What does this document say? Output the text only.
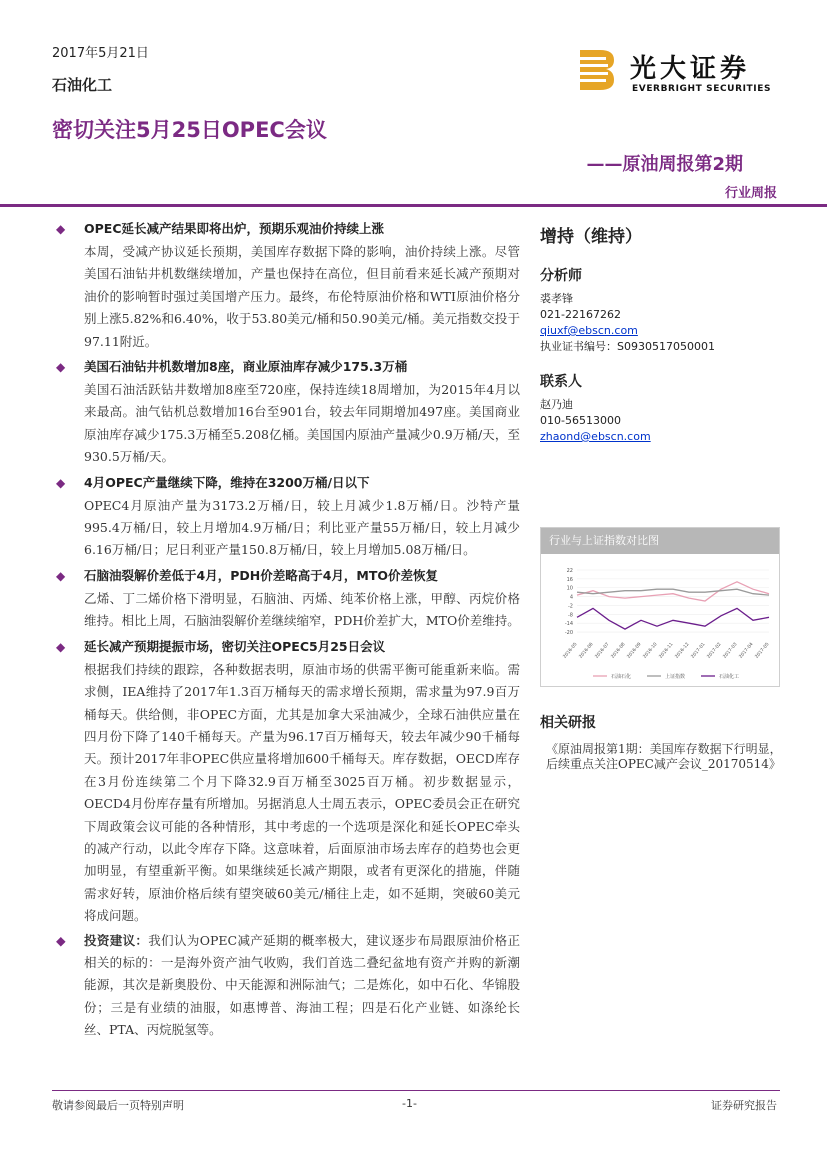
2017年5月21日
石油化工
密切关注5月25日OPEC会议
——原油周报第2期
行业周报
光大证券
EVERBRIGHT SECURITIES
◆ OPEC延长减产结果即将出炉，预期乐观油价持续上涨
本周，受减产协议延长预期，美国库存数据下降的影响，油价持续上涨。尽管美国石油钻井机数继续增加，产量也保持在高位，但目前看来延长减产预期对油价的影响暂时强过美国增产压力。最终，布伦特原油价格和WTI原油价格分别上涨5.82%和6.40%，收于53.80美元/桶和50.90美元/桶。美元指数交投于97.11附近。
◆ 美国石油钻井机数增加8座，商业原油库存减少175.3万桶
美国石油活跃钻井数增加8座至720座，保持连续18周增加，为2015年4月以来最高。油气钻机总数增加16台至901台，较去年同期增加497座。美国商业原油库存减少175.3万桶至5.208亿桶。美国国内原油产量减少0.9万桶/天，至930.5万桶/天。
◆ 4月OPEC产量继续下降，维持在3200万桶/日以下
OPEC4月原油产量为3173.2万桶/日，较上月减少1.8万桶/日。沙特产量995.4万桶/日，较上月增加4.9万桶/日；利比亚产量55万桶/日，较上月减少6.16万桶/日；尼日利亚产量150.8万桶/日，较上月增加5.08万桶/日。
◆ 石脑油裂解价差低于4月，PDH价差略高于4月，MTO价差恢复
乙烯、丁二烯价格下滑明显，石脑油、丙烯、纯苯价格上涨，甲醇、丙烷价格维持。相比上周，石脑油裂解价差继续缩窄，PDH价差扩大，MTO价差维持。
◆ 延长减产预期提振市场，密切关注OPEC5月25日会议
根据我们持续的跟踪，各种数据表明，原油市场的供需平衡可能重新来临。需求侧，IEA维持了2017年1.3百万桶每天的需求增长预期，需求量为97.9百万桶每天。供给侧，非OPEC方面，尤其是加拿大采油减少，全球石油供应量在四月份下降了140千桶每天。产量为96.17百万桶每天，较去年减少90千桶每天。预计2017年非OPEC供应量将增加600千桶每天。库存数据，OECD库存在3月份连续第二个月下降32.9百万桶至3025百万桶。初步数据显示，OECD4月份库存量有所增加。另据消息人士周五表示，OPEC委员会正在研究下周政策会议可能的各种情形，其中考虑的一个选项是深化和延长OPEC牵头的减产行动，以此令库存下降。这意味着，后面原油市场去库存的趋势也会更加明显，有望重新平衡。如果继续延长减产期限，或者有更深化的措施，伴随需求好转，原油价格后续有望突破60美元/桶往上走，如不延期，突破60美元将成问题。
◆ 投资建议：我们认为OPEC减产延期的概率极大，建议逐步布局跟原油价格正相关的标的：一是海外资产油气收购，我们首选二叠纪盆地有资产并购的新潮能源，其次是新奥股份、中天能源和洲际油气；二是炼化，如中石化、华锦股份；三是有业绩的油服，如惠博普、海油工程；四是石化产业链、如涤纶长丝、PTA、丙烷脱氢等。
增持（维持）
分析师
裘孝锋
021-22167262
qiuxf@ebscn.com
执业证书编号：S0930517050001
联系人
赵乃迪
010-56513000
zhaond@ebscn.com
行业与上证指数对比图
22
16
10
4
-2
-8
-14
-20
2016-05 2016-06 2016-07 2016-08 2016-09 2016-10 2016-11 2016-12 2017-01 2017-02 2017-03 2017-04 2017-05
石油石化	上证指数	石油化工
相关研报
《原油周报第1期：美国库存数据下行明显，后续重点关注OPEC减产会议_20170514》
敬请参阅最后一页特别声明	-1-	证券研究报告
